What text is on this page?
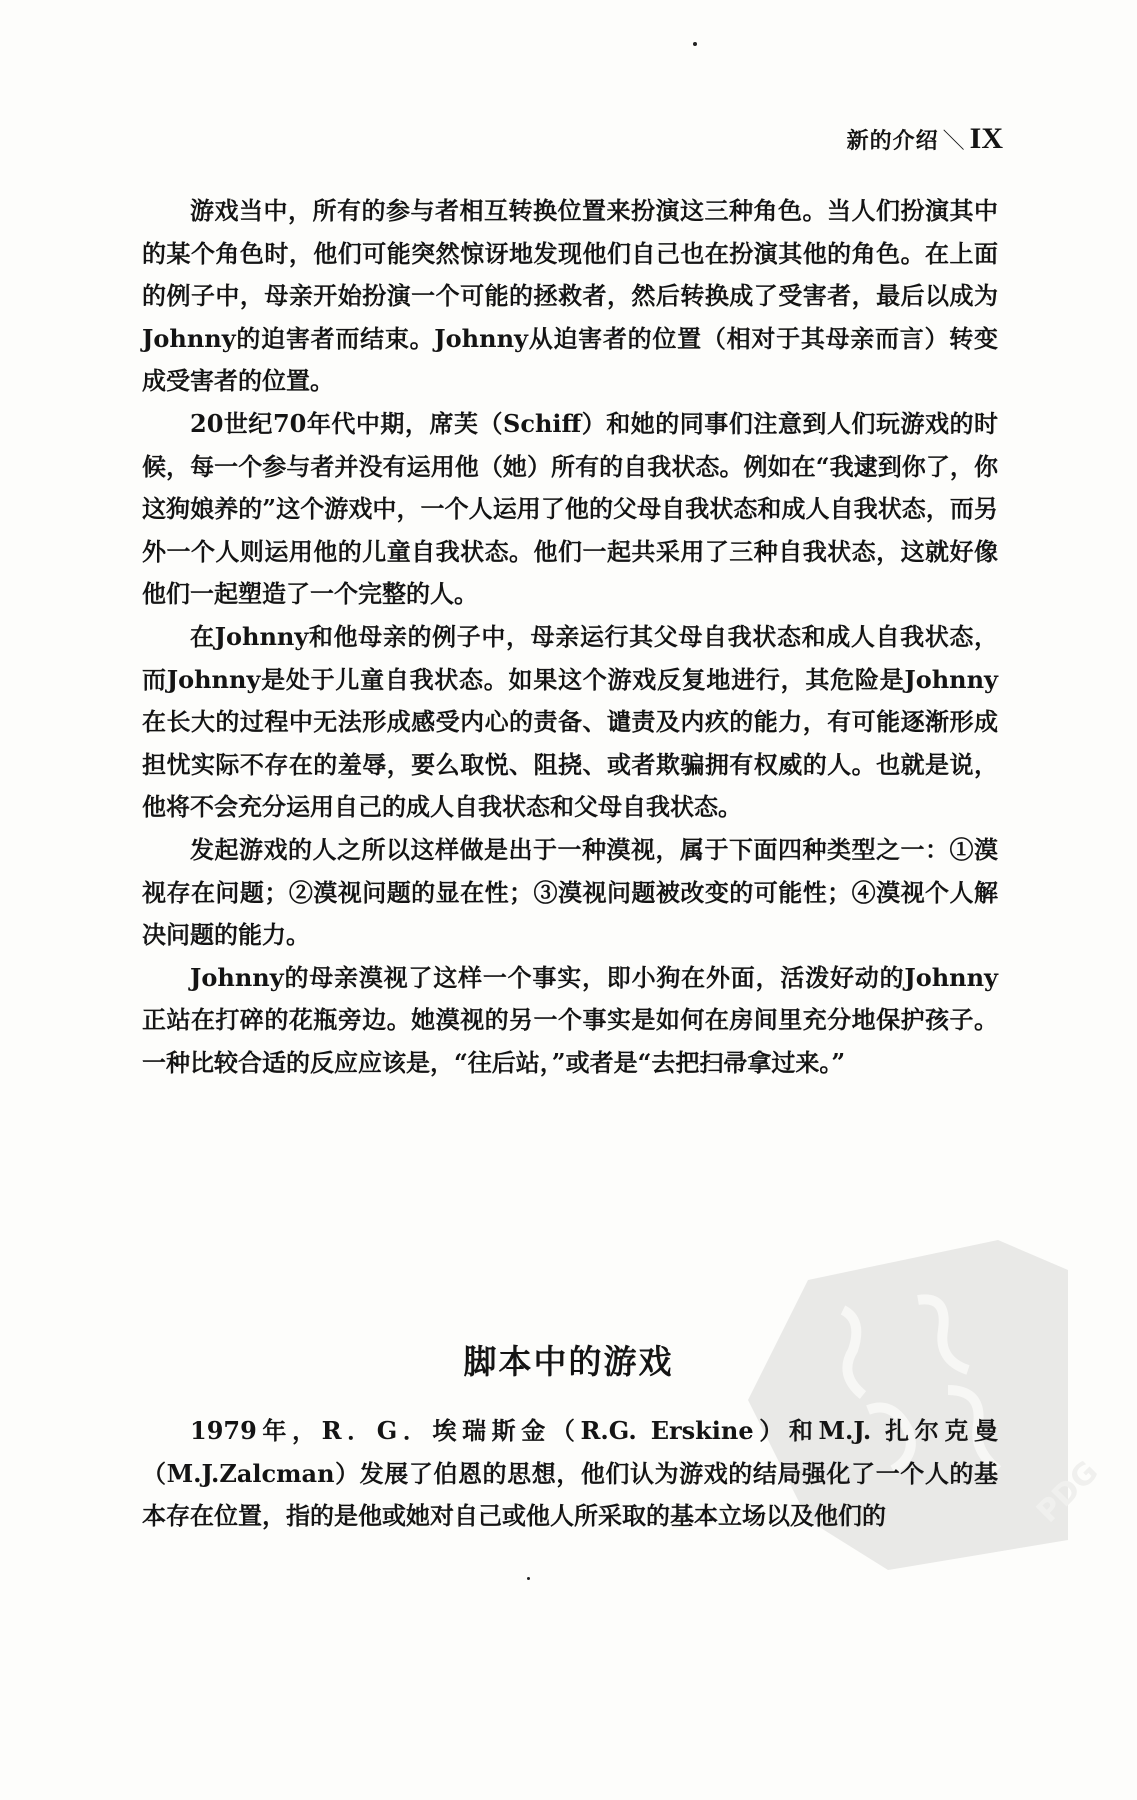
新的介绍 ＼ IX

游戏当中，所有的参与者相互转换位置来扮演这三种角色。当人们扮演其中的某个角色时，他们可能突然惊讶地发现他们自己也在扮演其他的角色。在上面的例子中，母亲开始扮演一个可能的拯救者，然后转换成了受害者，最后以成为Johnny的迫害者而结束。Johnny从迫害者的位置（相对于其母亲而言）转变成受害者的位置。

20世纪70年代中期，席芙（Schiff）和她的同事们注意到人们玩游戏的时候，每一个参与者并没有运用他（她）所有的自我状态。例如在“我逮到你了，你这狗娘养的”这个游戏中，一个人运用了他的父母自我状态和成人自我状态，而另外一个人则运用他的儿童自我状态。他们一起共采用了三种自我状态，这就好像他们一起塑造了一个完整的人。

在Johnny和他母亲的例子中，母亲运行其父母自我状态和成人自我状态，而Johnny是处于儿童自我状态。如果这个游戏反复地进行，其危险是Johnny在长大的过程中无法形成感受内心的责备、谴责及内疚的能力，有可能逐渐形成担忧实际不存在的羞辱，要么取悦、阻挠、或者欺骗拥有权威的人。也就是说，他将不会充分运用自己的成人自我状态和父母自我状态。

发起游戏的人之所以这样做是出于一种漠视，属于下面四种类型之一：①漠视存在问题；②漠视问题的显在性；③漠视问题被改变的可能性；④漠视个人解决问题的能力。

Johnny的母亲漠视了这样一个事实，即小狗在外面，活泼好动的Johnny正站在打碎的花瓶旁边。她漠视的另一个事实是如何在房间里充分地保护孩子。一种比较合适的反应应该是，“往后站，”或者是“去把扫帚拿过来。”

PDG
脚本中的游戏

1979年，R．G．埃瑞斯金（R.G. Erskine）和M.J. 扎尔克曼（M.J.Zalcman）发展了伯恩的思想，他们认为游戏的结局强化了一个人的基本存在位置，指的是他或她对自己或他人所采取的基本立场以及他们的
